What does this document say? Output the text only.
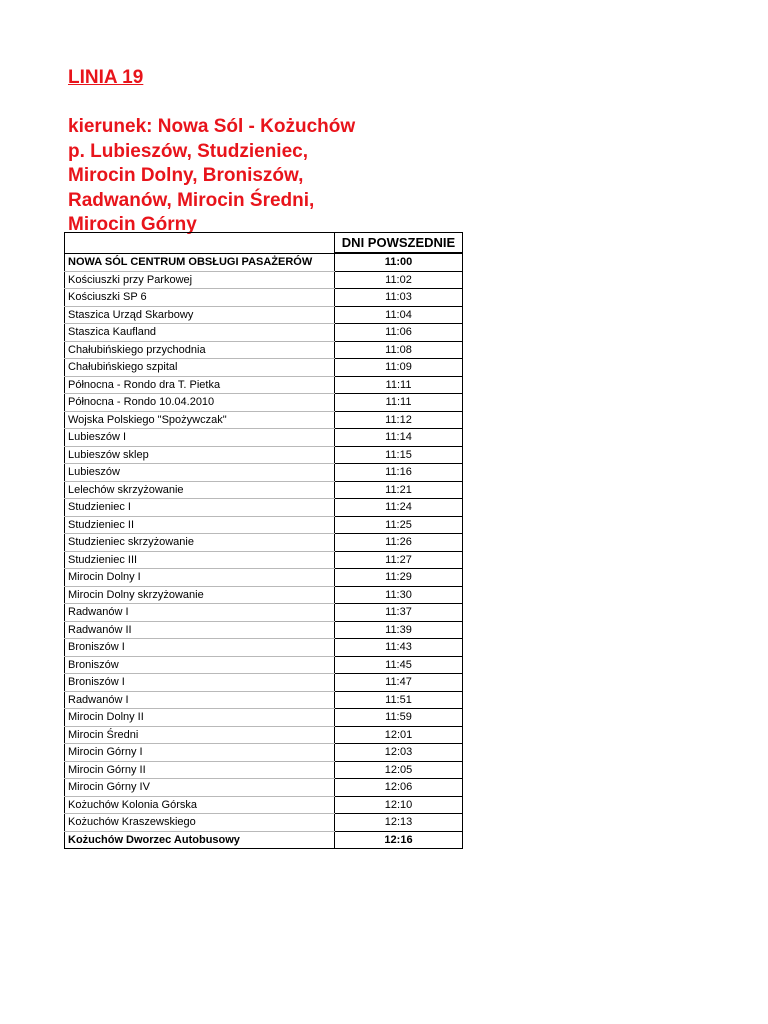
LINIA 19
kierunek: Nowa Sól - Kożuchów
p. Lubieszów, Studzieniec,
Mirocin Dolny, Broniszów,
Radwanów, Mirocin Średni,
Mirocin Górny
	DNI POWSZEDNIE
NOWA SÓL CENTRUM OBSŁUGI PASAŻERÓW	11:00
Kościuszki przy Parkowej	11:02
Kościuszki SP 6	11:03
Staszica Urząd Skarbowy	11:04
Staszica Kaufland	11:06
Chałubińskiego przychodnia	11:08
Chałubińskiego szpital	11:09
Północna - Rondo dra T. Pietka	11:11
Północna - Rondo 10.04.2010	11:11
Wojska Polskiego "Spożywczak"	11:12
Lubieszów I	11:14
Lubieszów sklep	11:15
Lubieszów	11:16
Lelechów skrzyżowanie	11:21
Studzieniec I	11:24
Studzieniec II	11:25
Studzieniec skrzyżowanie	11:26
Studzieniec III	11:27
Mirocin Dolny I	11:29
Mirocin Dolny skrzyżowanie	11:30
Radwanów I	11:37
Radwanów II	11:39
Broniszów I	11:43
Broniszów	11:45
Broniszów I	11:47
Radwanów I	11:51
Mirocin Dolny II	11:59
Mirocin Średni	12:01
Mirocin Górny I	12:03
Mirocin Górny II	12:05
Mirocin Górny IV	12:06
Kożuchów Kolonia Górska	12:10
Kożuchów Kraszewskiego	12:13
Kożuchów Dworzec Autobusowy	12:16
